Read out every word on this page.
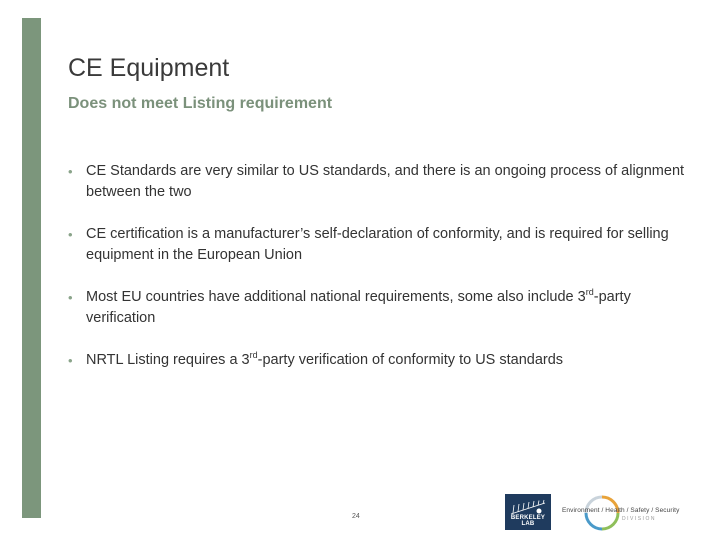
CE Equipment
Does not meet Listing requirement
• CE Standards are very similar to US standards, and there is an ongoing process of alignment between the two
• CE certification is a manufacturer’s self-declaration of conformity, and is required for selling equipment in the European Union
• Most EU countries have additional national requirements, some also include 3rd-party verification
• NRTL Listing requires a 3rd-party verification of conformity to US standards
24	BERKELEY LAB
Environment / Health / Safety / Security
DIVISION
